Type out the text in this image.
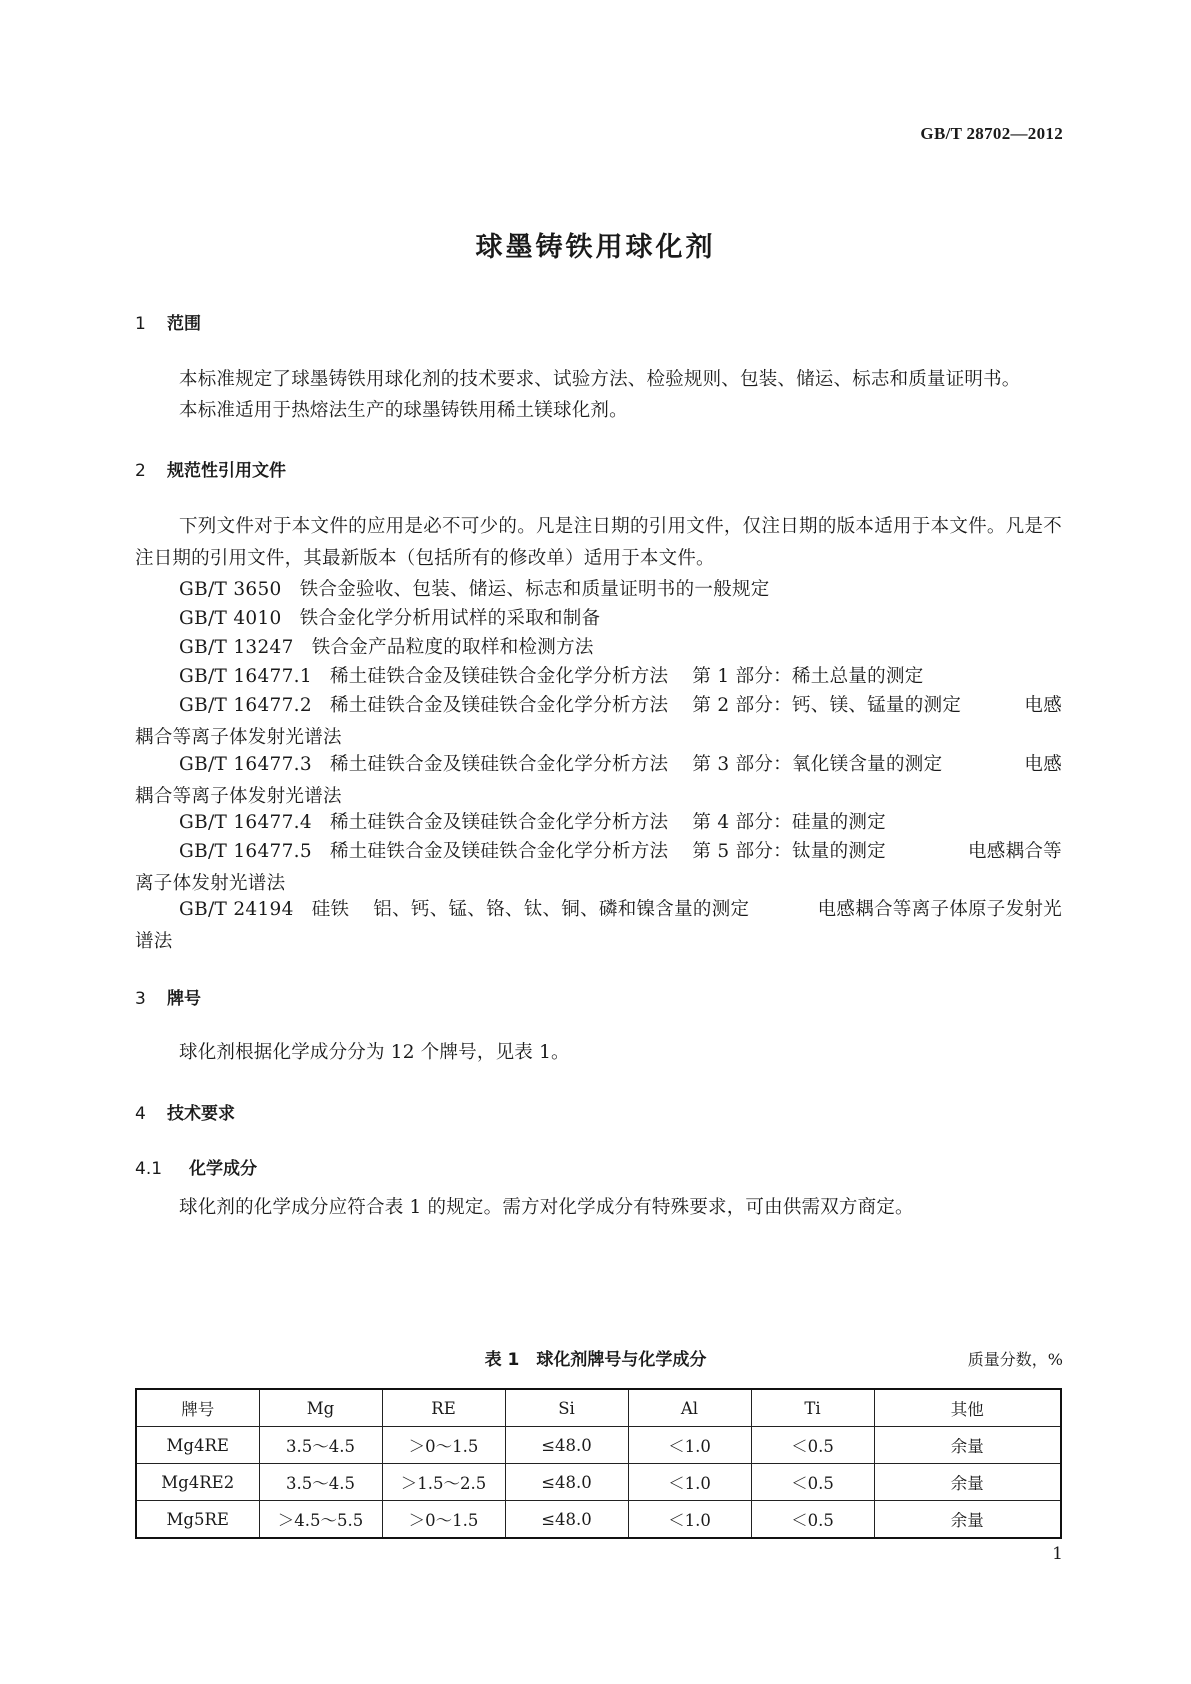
GB/T 28702—2012
球墨铸铁用球化剂
1 范围
本标准规定了球墨铸铁用球化剂的技术要求、试验方法、检验规则、包装、储运、标志和质量证明书。
本标准适用于热熔法生产的球墨铸铁用稀土镁球化剂。
2 规范性引用文件
下列文件对于本文件的应用是必不可少的。凡是注日期的引用文件，仅注日期的版本适用于本文件。凡是不注日期的引用文件，其最新版本（包括所有的修改单）适用于本文件。
GB/T 3650 铁合金验收、包装、储运、标志和质量证明书的一般规定
GB/T 4010 铁合金化学分析用试样的采取和制备
GB/T 13247 铁合金产品粒度的取样和检测方法
GB/T 16477.1 稀土硅铁合金及镁硅铁合金化学分析方法 第 1 部分：稀土总量的测定
GB/T 16477.2 稀土硅铁合金及镁硅铁合金化学分析方法 第 2 部分：钙、镁、锰量的测定	电感
耦合等离子体发射光谱法
GB/T 16477.3 稀土硅铁合金及镁硅铁合金化学分析方法 第 3 部分：氧化镁含量的测定	电感
耦合等离子体发射光谱法
GB/T 16477.4 稀土硅铁合金及镁硅铁合金化学分析方法 第 4 部分：硅量的测定
GB/T 16477.5 稀土硅铁合金及镁硅铁合金化学分析方法 第 5 部分：钛量的测定	电感耦合等
离子体发射光谱法
GB/T 24194 硅铁 铝、钙、锰、铬、钛、铜、磷和镍含量的测定	电感耦合等离子体原子发射光
谱法
3 牌号
球化剂根据化学成分分为 12 个牌号，见表 1。
4 技术要求
4.1 化学成分
球化剂的化学成分应符合表 1 的规定。需方对化学成分有特殊要求，可由供需双方商定。
表 1　球化剂牌号与化学成分	质量分数，%
牌号	Mg	RE	Si	Al	Ti	其他
Mg4RE	3.5～4.5	＞0～1.5	≤48.0	＜1.0	＜0.5	余量
Mg4RE2	3.5～4.5	＞1.5～2.5	≤48.0	＜1.0	＜0.5	余量
Mg5RE	＞4.5～5.5	＞0～1.5	≤48.0	＜1.0	＜0.5	余量
1
